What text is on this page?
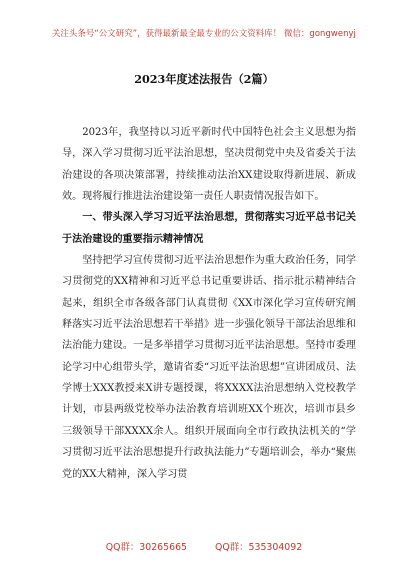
关注头条号“公文研究”，获得最新最全最专业的公文资料库！ 微信：gongwenyj
2023年度述法报告（2篇）

2023年，我坚持以习近平新时代中国特色社会主义思想为指导，深入学习贯彻习近平法治思想，坚决贯彻党中央及省委关于法治建设的各项决策部署，持续推动法治XX建设取得新进展、新成效。现将履行推进法治建设第一责任人职责情况报告如下。

一、带头深入学习习近平法治思想，贯彻落实习近平总书记关于法治建设的重要指示精神情况

坚持把学习宣传贯彻习近平法治思想作为重大政治任务，同学习贯彻党的XX精神和习近平总书记重要讲话、指示批示精神结合起来，组织全市各级各部门认真贯彻《XX市深化学习宣传研究阐释落实习近平法治思想若干举措》进一步强化领导干部法治思维和法治能力建设。一是多举措学习贯彻习近平法治思想。坚持市委理论学习中心组带头学，邀请省委“习近平法治思想”宣讲团成员、法学博士XXX教授来X讲专题授课，将XXXX法治思想纳入党校教学计划，市县两级党校举办法治教育培训班XX个班次，培训市县乡三级领导干部XXXX余人。组织开展面向全市行政执法机关的“学习贯彻习近平法治思想提升行政执法能力”专题培训会，举办“聚焦党的XX大精神，深入学习贯

QQ群：30265665	QQ群：535304092
